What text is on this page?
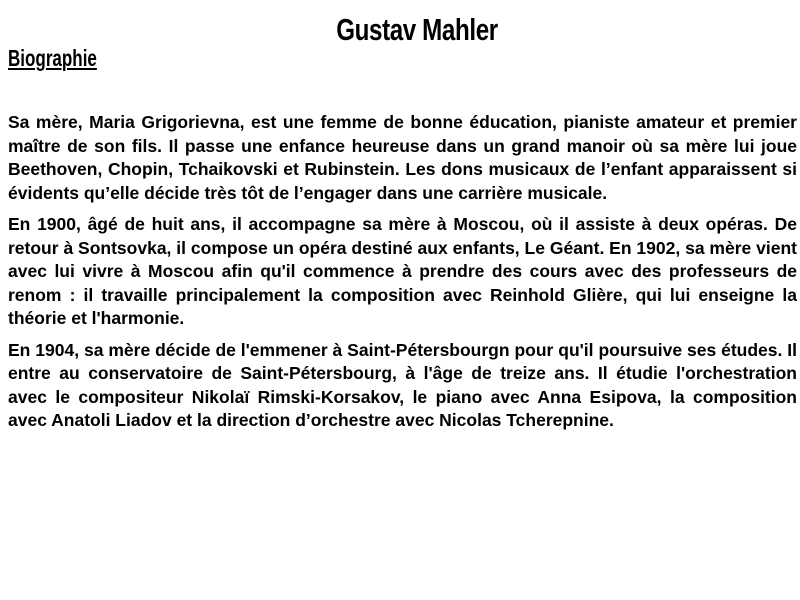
Gustav Mahler
Biographie

Sa mère, Maria Grigorievna, est une femme de bonne éducation, pianiste amateur et premier maître de son fils. Il passe une enfance heureuse dans un grand manoir où sa mère lui joue Beethoven, Chopin, Tchaikovski et Rubinstein. Les dons musicaux de l’enfant apparaissent si évidents qu’elle décide très tôt de l’engager dans une carrière musicale.

En 1900, âgé de huit ans, il accompagne sa mère à Moscou, où il assiste à deux opéras. De retour à Sontsovka, il compose un opéra destiné aux enfants, Le Géant. En 1902, sa mère vient avec lui vivre à Moscou afin qu'il commence à prendre des cours avec des professeurs de renom : il travaille principalement la composition avec Reinhold Glière, qui lui enseigne la théorie et l'harmonie.

En 1904, sa mère décide de l'emmener à Saint-Pétersbourgn pour qu'il poursuive ses études. Il entre au conservatoire de Saint-Pétersbourg, à l'âge de treize ans. Il étudie l'orchestration avec le compositeur Nikolaï Rimski-Korsakov, le piano avec Anna Esipova, la composition avec Anatoli Liadov et la direction d’orchestre avec Nicolas Tcherepnine.
